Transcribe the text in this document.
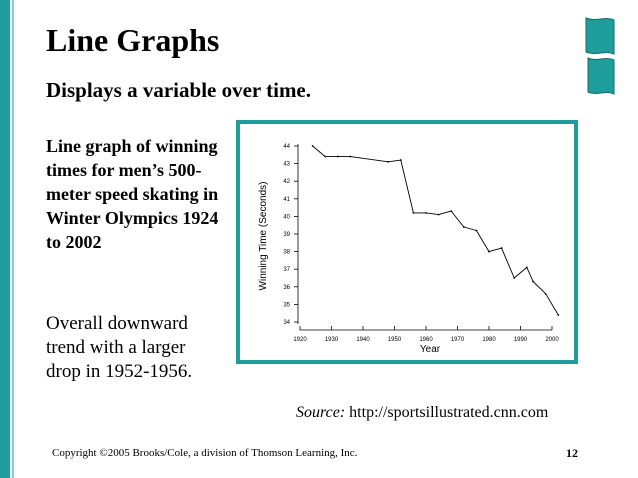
Line Graphs
Displays a variable over time.

Line graph of winning times for men’s 500-meter speed skating in Winter Olympics 1924 to 2002

Overall downward trend with a larger drop in 1952-1956.

34
35
36
37
38
39
40
41
42
43
44
1920	1930	1940	1950	1960	1970	1980	1990	2000
Winning Time (Seconds)
Year

Source: http://sportsillustrated.cnn.com

Copyright ©2005 Brooks/Cole, a division of Thomson Learning, Inc.	12
